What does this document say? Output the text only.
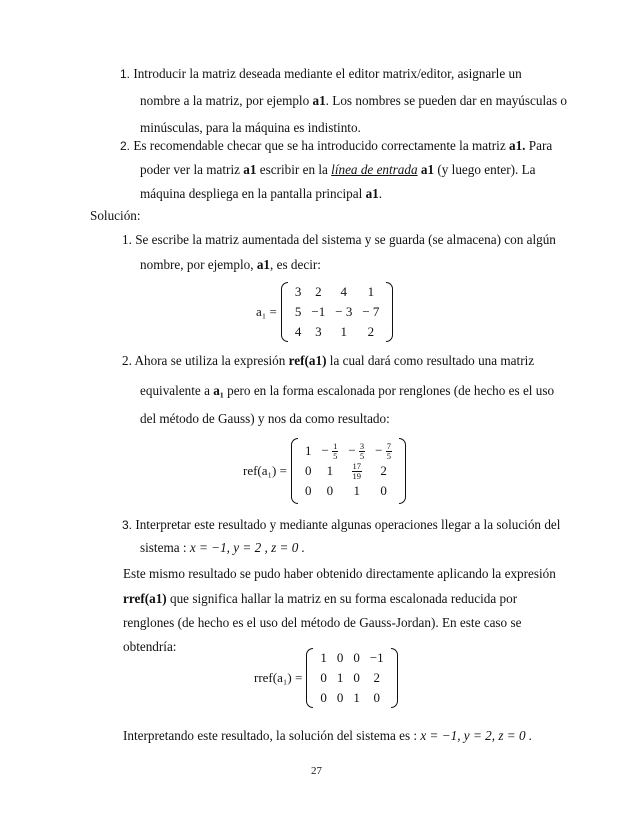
1. Introducir la matriz deseada mediante el editor matrix/editor, asignarle un
nombre a la matriz, por ejemplo a1. Los nombres se pueden dar en mayúsculas o
minúsculas, para la máquina es indistinto.
2. Es recomendable checar que se ha introducido correctamente la matriz a1. Para
poder ver la matriz a1 escribir en la línea de entrada a1 (y luego enter). La
máquina despliega en la pantalla principal a1.
Solución:
1. Se escribe la matriz aumentada del sistema y se guarda (se almacena) con algún
nombre, por ejemplo, a1, es decir:
a₁ =
3	2	4	1
5	−1	− 3	− 7
4	3	1	2
2. Ahora se utiliza la expresión ref(a1) la cual dará como resultado una matriz
equivalente a a₁ pero en la forma escalonada por renglones (de hecho es el uso
del método de Gauss) y nos da como resultado:
ref(a₁) =
1	− $\frac{1}{5}$	− $\frac{3}{5}$	− $\frac{7}{5}$

0	1	$\frac{17}{19}$	2
0	0	1	0
3. Interpretar este resultado y mediante algunas operaciones llegar a la solución del
sistema : x = −1, y = 2 , z = 0 .
Este mismo resultado se pudo haber obtenido directamente aplicando la expresión
rref(a1) que significa hallar la matriz en su forma escalonada reducida por
renglones (de hecho es el uso del método de Gauss-Jordan). En este caso se
obtendría:
rref(a₁) =
1	0	0	−1
0	1	0	2
0	0	1	0
Interpretando este resultado, la solución del sistema es : x = −1, y = 2, z = 0 .
27
